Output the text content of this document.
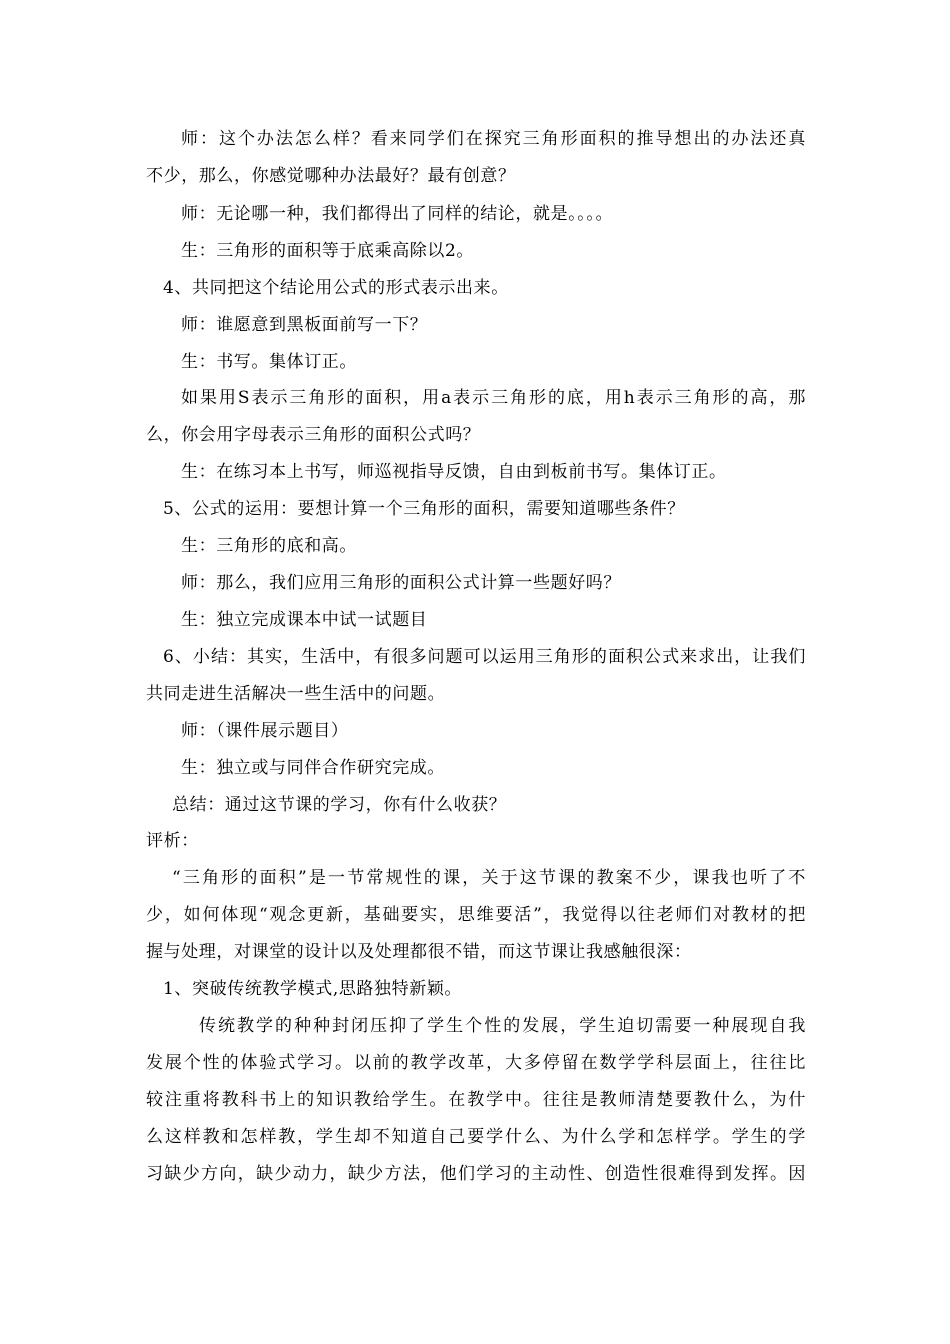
师：这个办法怎么样？看来同学们在探究三角形面积的推导想出的办法还真
不少，那么，你感觉哪种办法最好？最有创意？
师：无论哪一种，我们都得出了同样的结论，就是。。。。
生：三角形的面积等于底乘高除以2。
4、共同把这个结论用公式的形式表示出来。
师：谁愿意到黑板面前写一下？
生：书写。集体订正。
如果用S表示三角形的面积，用a表示三角形的底，用h表示三角形的高，那
么，你会用字母表示三角形的面积公式吗？
生：在练习本上书写，师巡视指导反馈，自由到板前书写。集体订正。
5、公式的运用：要想计算一个三角形的面积，需要知道哪些条件？
生：三角形的底和高。
师：那么，我们应用三角形的面积公式计算一些题好吗？
生：独立完成课本中试一试题目
6、小结：其实，生活中，有很多问题可以运用三角形的面积公式来求出，让我们
共同走进生活解决一些生活中的问题。
师：（课件展示题目）
生：独立或与同伴合作研究完成。
总结：通过这节课的学习，你有什么收获？
评析：
“三角形的面积”是一节常规性的课，关于这节课的教案不少，课我也听了不
少，如何体现“观念更新，基础要实，思维要活”，我觉得以往老师们对教材的把
握与处理，对课堂的设计以及处理都很不错，而这节课让我感触很深：
1、突破传统教学模式,思路独特新颖。
传统教学的种种封闭压抑了学生个性的发展，学生迫切需要一种展现自我
发展个性的体验式学习。以前的教学改革，大多停留在数学学科层面上，往往比
较注重将教科书上的知识教给学生。在教学中。往往是教师清楚要教什么，为什
么这样教和怎样教，学生却不知道自己要学什么、为什么学和怎样学。学生的学
习缺少方向，缺少动力，缺少方法，他们学习的主动性、创造性很难得到发挥。因
